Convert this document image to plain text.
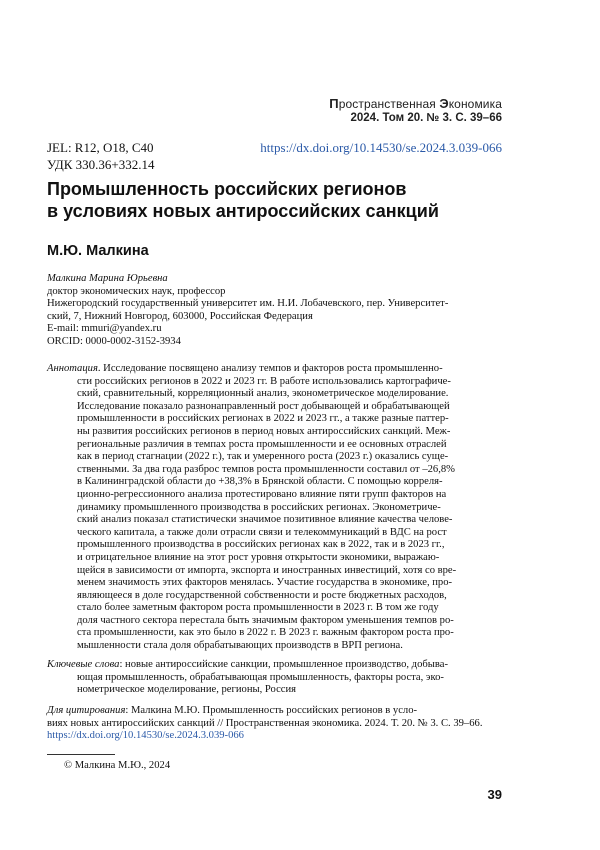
Пространственная Экономика
2024. Том 20. № 3. С. 39–66
JEL: R12, O18, C40
УДК 330.36+332.14
https://dx.doi.org/10.14530/se.2024.3.039-066
Промышленность российских регионов
в условиях новых антироссийских санкций
М.Ю. Малкина
Малкина Марина Юрьевна
доктор экономических наук, профессор
Нижегородский государственный университет им. Н.И. Лобачевского, пер. Университет-
ский, 7, Нижний Новгород, 603000, Российская Федерация
E-mail: mmuri@yandex.ru
ORCID: 0000-0002-3152-3934
Аннотация. Исследование посвящено анализу темпов и факторов роста промышленно-
сти российских регионов в 2022 и 2023 гг. В работе использовались картографиче-
ский, сравнительный, корреляционный анализ, эконометрическое моделирование.
Исследование показало разнонаправленный рост добывающей и обрабатывающей
промышленности в российских регионах в 2022 и 2023 гг., а также разные паттер-
ны развития российских регионов в период новых антироссийских санкций. Меж-
региональные различия в темпах роста промышленности и ее основных отраслей
как в период стагнации (2022 г.), так и умеренного роста (2023 г.) оказались суще-
ственными. За два года разброс темпов роста промышленности составил от –26,8%
в Калининградской области до +38,3% в Брянской области. С помощью корреля-
ционно-регрессионного анализа протестировано влияние пяти групп факторов на
динамику промышленного производства в российских регионах. Эконометриче-
ский анализ показал статистически значимое позитивное влияние качества челове-
ческого капитала, а также доли отрасли связи и телекоммуникаций в ВДС на рост
промышленного производства в российских регионах как в 2022, так и в 2023 гг.,
и отрицательное влияние на этот рост уровня открытости экономики, выражаю-
щейся в зависимости от импорта, экспорта и иностранных инвестиций, хотя со вре-
менем значимость этих факторов менялась. Участие государства в экономике, про-
являющееся в доле государственной собственности и росте бюджетных расходов,
стало более заметным фактором роста промышленности в 2023 г. В том же году
доля частного сектора перестала быть значимым фактором уменьшения темпов ро-
ста промышленности, как это было в 2022 г. В 2023 г. важным фактором роста про-
мышленности стала доля обрабатывающих производств в ВРП региона.
Ключевые слова: новые антироссийские санкции, промышленное производство, добыва-
ющая промышленность, обрабатывающая промышленность, факторы роста, эко-
нометрическое моделирование, регионы, Россия
Для цитирования: Малкина М.Ю. Промышленность российских регионов в усло-
виях новых антироссийских санкций // Пространственная экономика. 2024. Т. 20. № 3. С. 39–66.
https://dx.doi.org/10.14530/se.2024.3.039-066
© Малкина М.Ю., 2024
39
